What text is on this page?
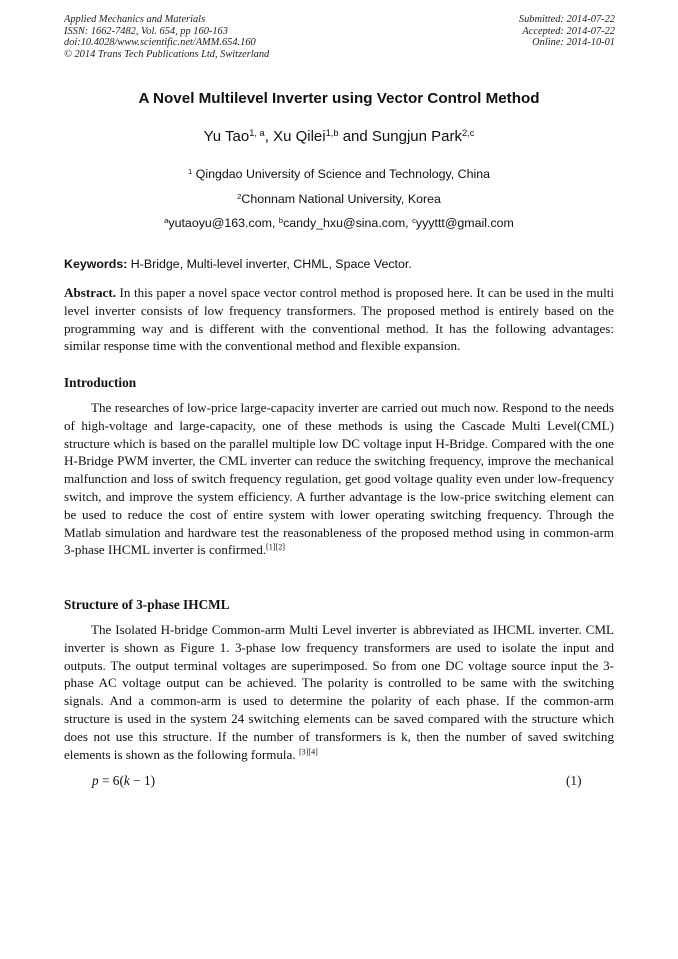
Applied Mechanics and Materials
ISSN: 1662-7482, Vol. 654, pp 160-163
doi:10.4028/www.scientific.net/AMM.654.160
© 2014 Trans Tech Publications Ltd, Switzerland
Submitted: 2014-07-22
Accepted: 2014-07-22
Online: 2014-10-01
A Novel Multilevel Inverter using Vector Control Method
Yu Tao$^{1, a}$, Xu Qilei$^{1,b}$ and Sungjun Park$^{2,c}$
$^1$ Qingdao University of Science and Technology, China
$^2$Chonnam National University, Korea
$^a$yutaoyu@163.com, $^b$candy_hxu@sina.com, $^c$yyyttt@gmail.com
Keywords: H-Bridge, Multi-level inverter, CHML, Space Vector.
Abstract. In this paper a novel space vector control method is proposed here. It can be used in the multi level inverter consists of low frequency transformers. The proposed method is entirely based on the programming way and is different with the conventional method. It has the following advantages: similar response time with the conventional method and flexible expansion.
Introduction
The researches of low-price large-capacity inverter are carried out much now. Respond to the needs of high-voltage and large-capacity, one of these methods is using the Cascade Multi Level(CML) structure which is based on the parallel multiple low DC voltage input H-Bridge. Compared with the one H-Bridge PWM inverter, the CML inverter can reduce the switching frequency, improve the mechanical malfunction and loss of switch frequency regulation, get good voltage quality even under low-frequency switch, and improve the system efficiency. A further advantage is the low-price switching element can be used to reduce the cost of entire system with lower operating switching frequency. Through the Matlab simulation and hardware test the reasonableness of the proposed method using in common-arm 3-phase IHCML inverter is confirmed.[1][2]
Structure of 3-phase IHCML
The Isolated H-bridge Common-arm Multi Level inverter is abbreviated as IHCML inverter. CML inverter is shown as Figure 1. 3-phase low frequency transformers are used to isolate the input and outputs. The output terminal voltages are superimposed. So from one DC voltage source input the 3-phase AC voltage output can be achieved. The polarity is controlled to be same with the switching signals. And a common-arm is used to determine the polarity of each phase. If the common-arm structure is used in the system 24 switching elements can be saved compared with the structure which does not use this structure. If the number of transformers is k, then the number of saved switching elements is shown as the following formula. [3][4]
p = 6(k − 1)	(1)
